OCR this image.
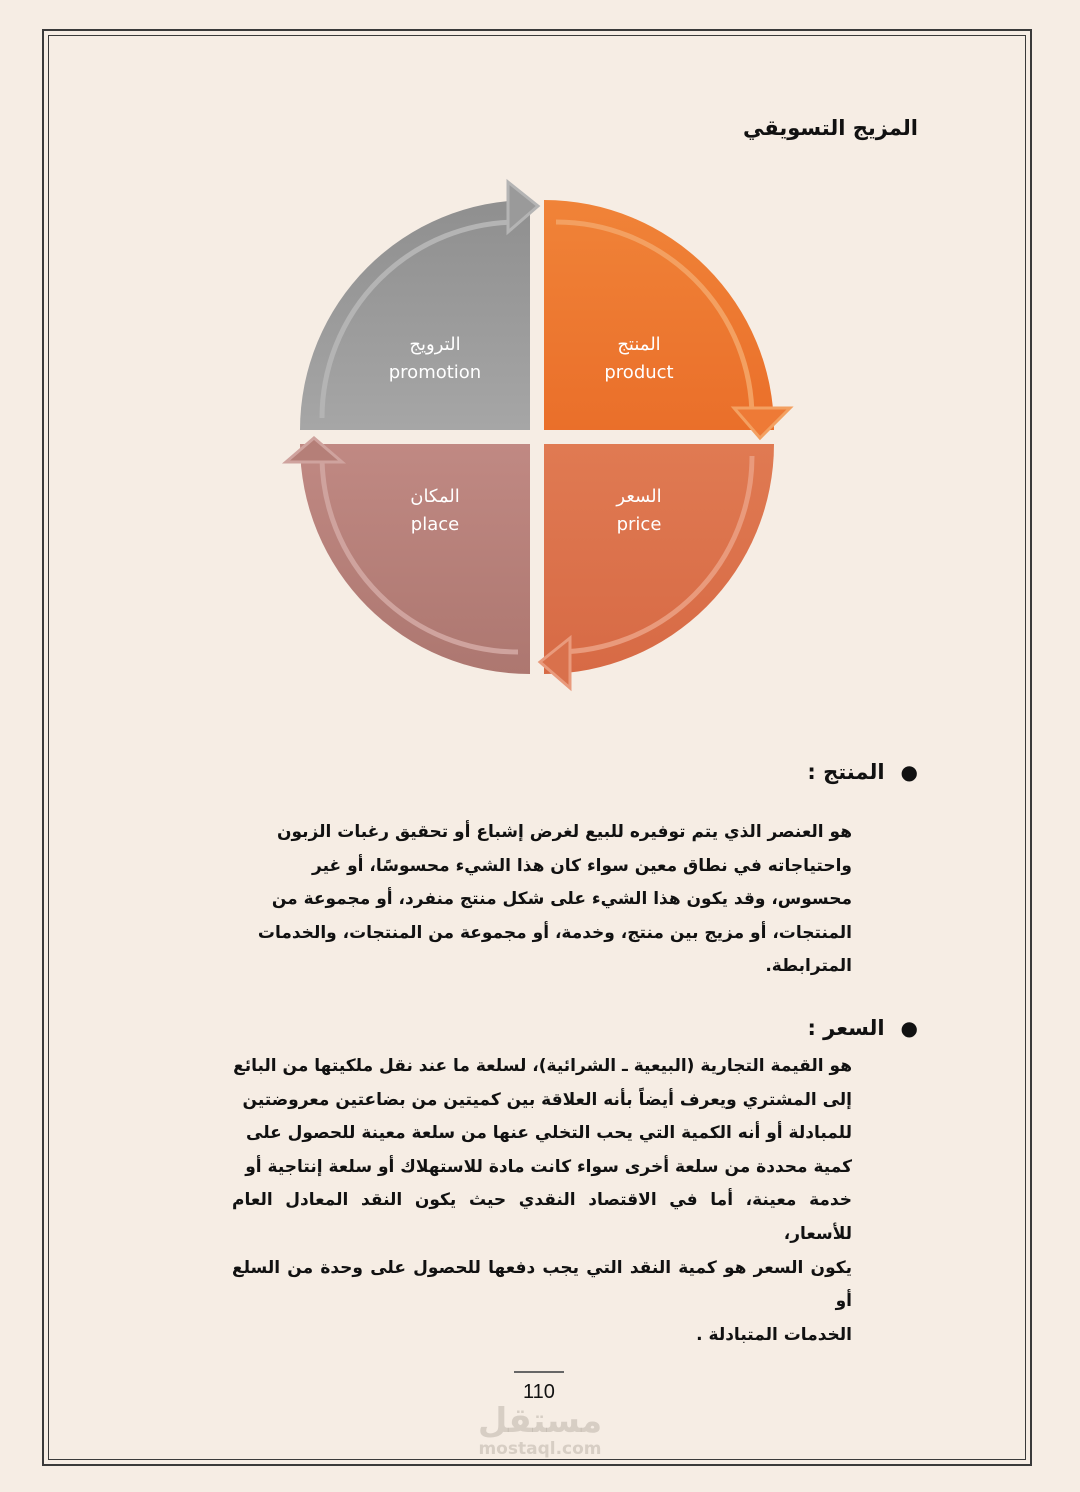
المزيج التسويقي
الترويج
promotion
المنتج
product
السعر
price
المكان
place
●المنتج :
هو العنصر الذي يتم توفيره للبيع لغرض إشباع أو تحقيق رغبات الزبون
واحتياجاته في نطاق معين سواء كان هذا الشيء محسوسًا، أو غير
محسوس، وقد يكون هذا الشيء على شكل منتج منفرد، أو مجموعة من
المنتجات، أو مزيج بين منتج، وخدمة، أو مجموعة من المنتجات، والخدمات
المترابطة.
●السعر :
هو القيمة التجارية (البيعية ـ الشرائية)، لسلعة ما عند نقل ملكيتها من البائع
إلى المشتري ويعرف أيضاً بأنه العلاقة بين كميتين من بضاعتين معروضتين
للمبادلة أو أنه الكمية التي يحب التخلي عنها من سلعة معينة للحصول على
كمية محددة من سلعة أخرى سواء كانت مادة للاستهلاك أو سلعة إنتاجية أو
خدمة معينة، أما في الاقتصاد النقدي حيث يكون النقد المعادل العام للأسعار،
يكون السعر هو كمية النقد التي يجب دفعها للحصول على وحدة من السلع أو
الخدمات المتبادلة .
110
مستقل
mostaql.com
